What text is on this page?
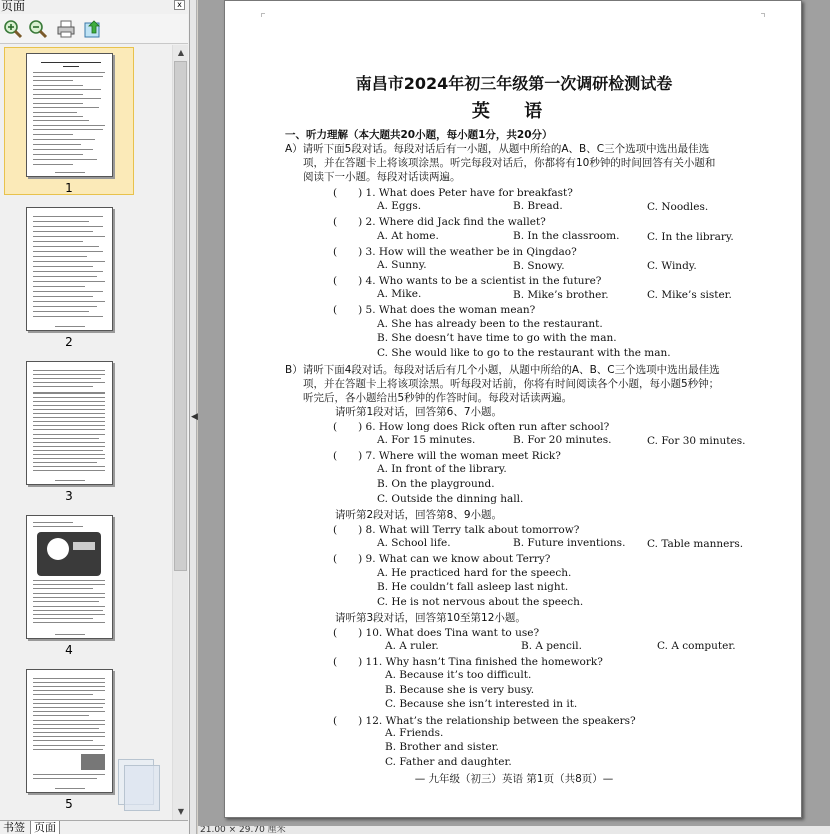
页面	x
1
2
3
4
5
▲
▼
书签 页面
◀
南昌市2024年初三年级第一次调研检测试卷
英 语
一、听力理解（本大题共20小题，每小题1分，共20分）
A）请听下面5段对话。每段对话后有一小题，从题中所给的A、B、C三个选项中选出最佳选
项，并在答题卡上将该项涂黑。听完每段对话后，你都将有10秒钟的时间回答有关小题和
阅读下一小题。每段对话读两遍。
(　　) 1. What does Peter have for breakfast?
A. Eggs.	B. Bread.	C. Noodles.
(　　) 2. Where did Jack find the wallet?
A. At home.	B. In the classroom.	C. In the library.
(　　) 3. How will the weather be in Qingdao?
A. Sunny.	B. Snowy.	C. Windy.
(　　) 4. Who wants to be a scientist in the future?
A. Mike.	B. Mike’s brother.	C. Mike’s sister.
(　　) 5. What does the woman mean?
A. She has already been to the restaurant.
B. She doesn’t have time to go with the man.
C. She would like to go to the restaurant with the man.
B）请听下面4段对话。每段对话后有几个小题，从题中所给的A、B、C三个选项中选出最佳选
项，并在答题卡上将该项涂黑。听每段对话前，你将有时间阅读各个小题，每小题5秒钟；
听完后，各小题给出5秒钟的作答时间。每段对话读两遍。
请听第1段对话，回答第6、7小题。
(　　) 6. How long does Rick often run after school?
A. For 15 minutes.	B. For 20 minutes.	C. For 30 minutes.
(　　) 7. Where will the woman meet Rick?
A. In front of the library.
B. On the playground.
C. Outside the dinning hall.
请听第2段对话，回答第8、9小题。
(　　) 8. What will Terry talk about tomorrow?
A. School life.	B. Future inventions. C. Table manners.
(　　) 9. What can we know about Terry?
A. He practiced hard for the speech.
B. He couldn’t fall asleep last night.
C. He is not nervous about the speech.
请听第3段对话，回答第10至第12小题。
(　　) 10. What does Tina want to use?
A. A ruler.	B. A pencil.	C. A computer.
(　　) 11. Why hasn’t Tina finished the homework?
A. Because it’s too difficult.
B. Because she is very busy.
C. Because she isn’t interested in it.
(　　) 12. What’s the relationship between the speakers?
A. Friends.
B. Brother and sister.
C. Father and daughter.
— 九年级（初三）英语 第1页（共8页）—
21.00 × 29.70 厘米
